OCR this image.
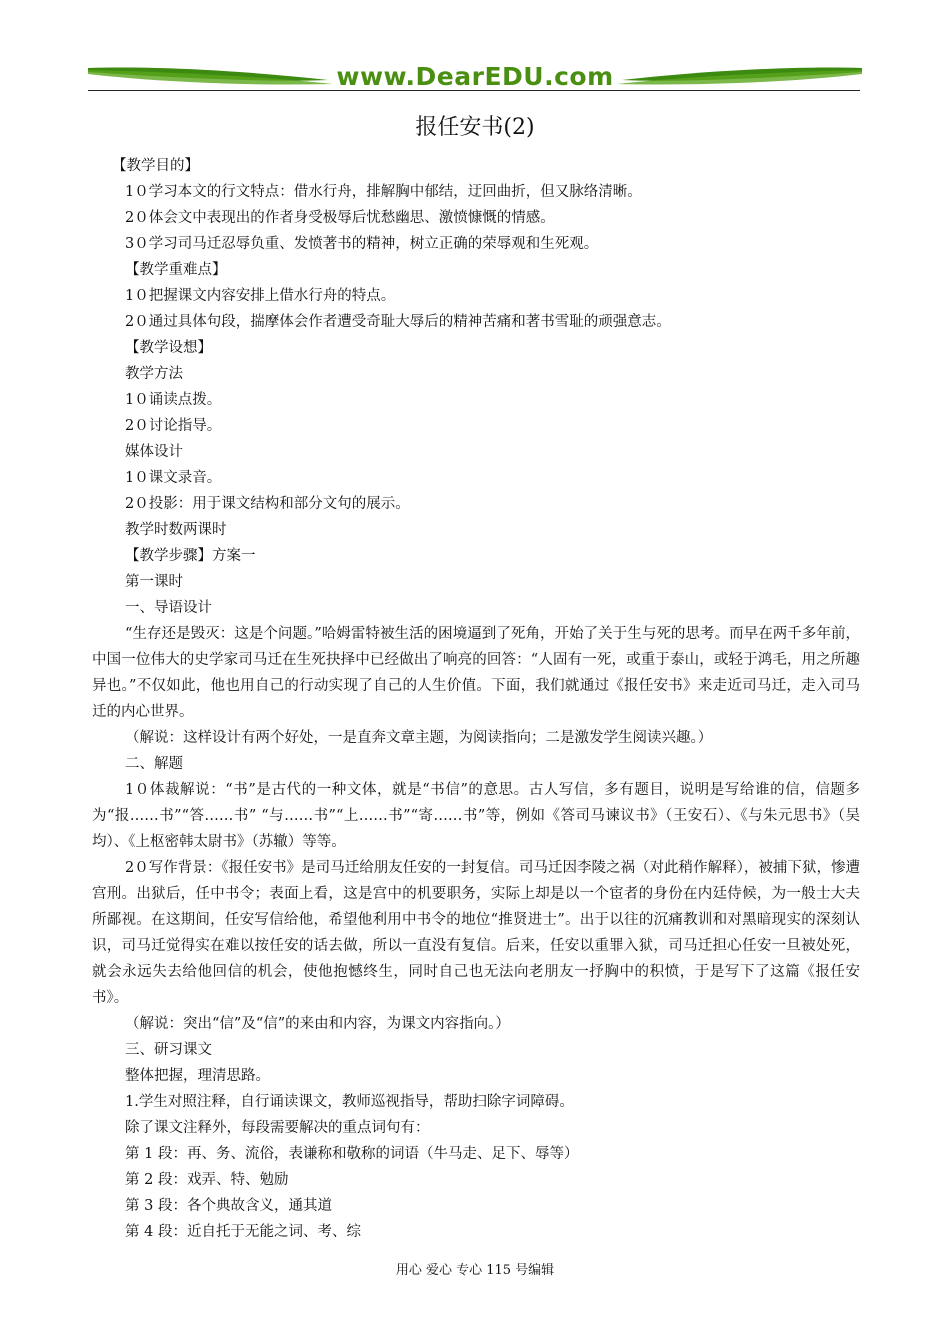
www.DearEDU.com
报任安书(2)
【教学目的】
1０学习本文的行文特点：借水行舟，排解胸中郁结，迂回曲折，但又脉络清晰。
2０体会文中表现出的作者身受极辱后忧愁幽思、激愤慷慨的情感。
3０学习司马迁忍辱负重、发愤著书的精神，树立正确的荣辱观和生死观。
【教学重难点】
1０把握课文内容安排上借水行舟的特点。
2０通过具体句段，揣摩体会作者遭受奇耻大辱后的精神苦痛和著书雪耻的顽强意志。
【教学设想】
教学方法
1０诵读点拨。
2０讨论指导。
媒体设计
1０课文录音。
2０投影：用于课文结构和部分文句的展示。
教学时数两课时
【教学步骤】方案一
第一课时
一、导语设计
“生存还是毁灭：这是个问题。”哈姆雷特被生活的困境逼到了死角，开始了关于生与死的思考。而早在两千多年前，中国一位伟大的史学家司马迁在生死抉择中已经做出了响亮的回答：“人固有一死，或重于泰山，或轻于鸿毛，用之所趣异也。”不仅如此，他也用自己的行动实现了自己的人生价值。下面，我们就通过《报任安书》来走近司马迁，走入司马迁的内心世界。
（解说：这样设计有两个好处，一是直奔文章主题，为阅读指向；二是激发学生阅读兴趣。）
二、解题
1０体裁解说：“书”是古代的一种文体，就是“书信”的意思。古人写信，多有题目，说明是写给谁的信，信题多为“报……书”“答……书” “与……书”“上……书”“寄……书”等，例如《答司马谏议书》（王安石）、《与朱元思书》（吴均）、《上枢密韩太尉书》（苏辙）等等。
2０写作背景：《报任安书》是司马迁给朋友任安的一封复信。司马迁因李陵之祸（对此稍作解释），被捕下狱，惨遭宫刑。出狱后，任中书令；表面上看，这是宫中的机要职务，实际上却是以一个宦者的身份在内廷侍候，为一般士大夫所鄙视。在这期间，任安写信给他，希望他利用中书令的地位“推贤进士”。出于以往的沉痛教训和对黑暗现实的深刻认识，司马迁觉得实在难以按任安的话去做，所以一直没有复信。后来，任安以重罪入狱，司马迁担心任安一旦被处死，就会永远失去给他回信的机会，使他抱憾终生，同时自己也无法向老朋友一抒胸中的积愤，于是写下了这篇《报任安书》。
（解说：突出“信”及“信”的来由和内容，为课文内容指向。）
三、研习课文
整体把握，理清思路。
1.学生对照注释，自行诵读课文，教师巡视指导，帮助扫除字词障碍。
除了课文注释外，每段需要解决的重点词句有：
第 1 段：再、务、流俗，表谦称和敬称的词语（牛马走、足下、辱等）
第 2 段：戏弄、特、勉励
第 3 段：各个典故含义，通其道
第 4 段：近自托于无能之词、考、综
用心 爱心 专心 115 号编辑
